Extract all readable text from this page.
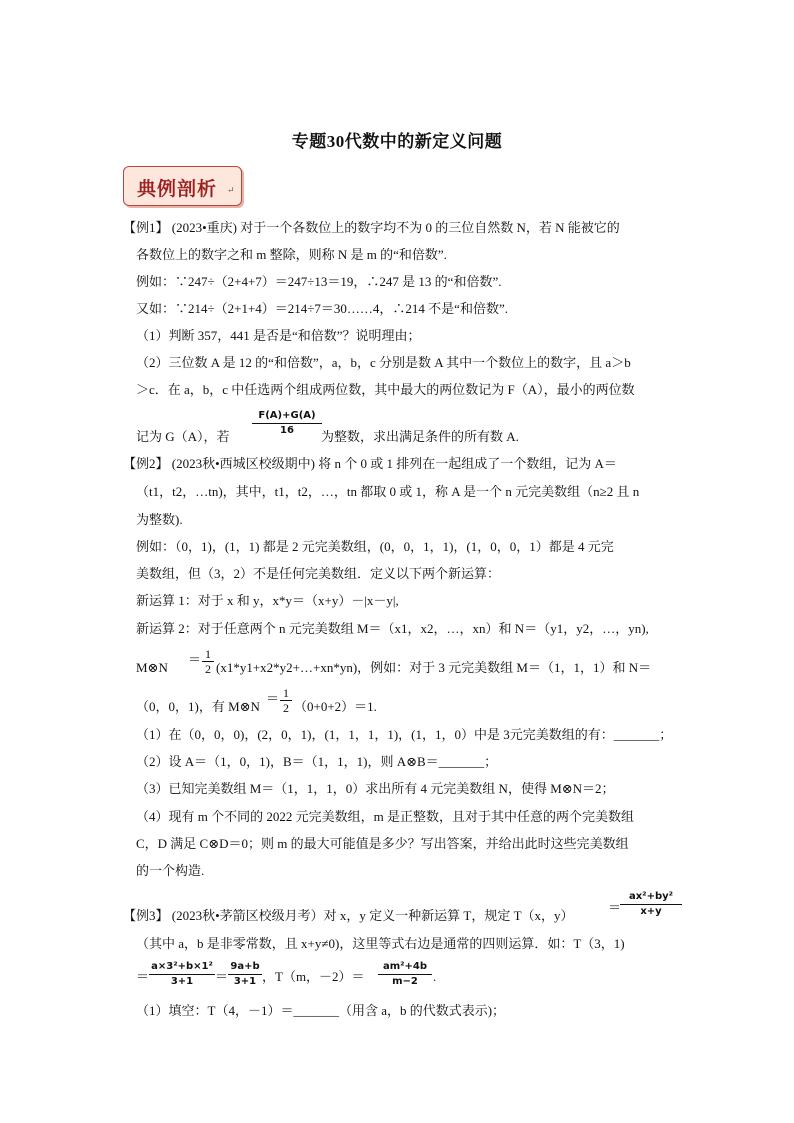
专题30代数中的新定义问题
典例剖析 ↵
【例1】 (2023•重庆) 对于一个各数位上的数字均不为 0 的三位自然数 N，若 N 能被它的
各数位上的数字之和 m 整除，则称 N 是 m 的“和倍数”.
例如：∵247÷（2+4+7）＝247÷13＝19，∴247 是 13 的“和倍数”.
又如：∵214÷（2+1+4）＝214÷7＝30……4，∴214 不是“和倍数”.
（1）判断 357，441 是否是“和倍数”？说明理由；
（2）三位数 A 是 12 的“和倍数”，a，b，c 分别是数 A 其中一个数位上的数字，且 a＞b
＞c．在 a，b，c 中任选两个组成两位数，其中最大的两位数记为 F（A），最小的两位数
记为 G（A），若 $\frac{F(A)+G(A)}{16}$ 为整数，求出满足条件的所有数 A.
【例2】 (2023秋•西城区校级期中) 将 n 个 0 或 1 排列在一起组成了一个数组，记为 A＝
（t1，t2，…tn)，其中，t1，t2，…，tn 都取 0 或 1，称 A 是一个 n 元完美数组（n≥2 且 n
为整数).
例如：（0，1)，(1，1) 都是 2 元完美数组，(0，0，1，1)，(1，0，0，1）都是 4 元完
美数组，但（3，2）不是任何完美数组．定义以下两个新运算：
新运算 1：对于 x 和 y，x*y＝（x+y）－|x－y|,
新运算 2：对于任意两个 n 元完美数组 M＝（x1，x2，…，xn）和 N＝（y1，y2，…，yn),
M⊗N
＝ $\frac{1}{2}$ (x1*y1+x2*y2+…+xn*yn)，例如：对于 3 元完美数组 M＝（1，1，1）和 N＝
（0，0，1)，有 M⊗N
＝ $\frac{1}{2} (0+0+2)=1$.
（1）在（0，0，0)，(2，0，1)，(1，1，1，1)，(1，1，0）中是 3元完美数组的有：_______；
（2）设 A＝（1，0，1)，B＝（1，1，1)，则 A⊗B＝_______；
（3）已知完美数组 M＝（1，1，1，0）求出所有 4 元完美数组 N，使得 M⊗N＝2；
（4）现有 m 个不同的 2022 元完美数组，m 是正整数，且对于其中任意的两个完美数组
C，D 满足 C⊗D＝0；则 m 的最大可能值是多少？写出答案，并给出此时这些完美数组
的一个构造.
【例3】 (2023秋•茅箭区校级月考）对 x，y 定义一种新运算 T，规定 T（x，y）
＝
$\frac{\text{ax²+by²}}{x+y}$
（其中 a，b 是非零常数，且 x+y≠0)，这里等式右边是通常的四则运算．如：T（3，1)
＝ $\frac{\text{a×3²+b×1²}}{3+1} = \frac{9a+b}{3+1}$ ，T（m，$-2)= \frac{\text{am²+4b}}{m-2}$ .
（1）填空：T（4，－1）＝_______（用含 a，b 的代数式表示)；
